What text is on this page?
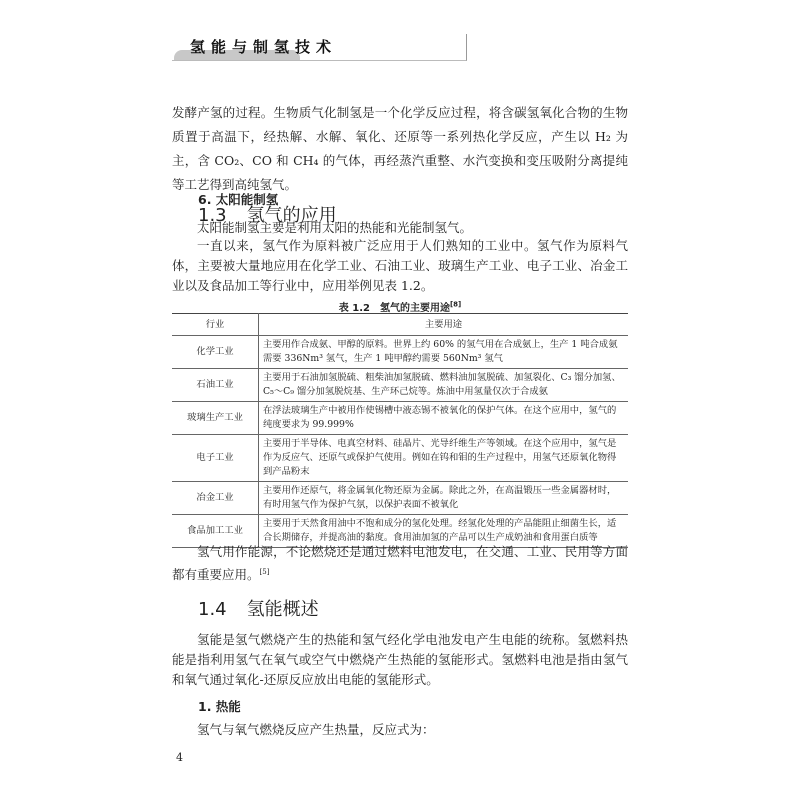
氢能与制氢技术
发酵产氢的过程。生物质气化制氢是一个化学反应过程，将含碳氢氧化合物的生物质置于高温下，经热解、水解、氧化、还原等一系列热化学反应，产生以 H₂ 为主，含 CO₂、CO 和 CH₄ 的气体，再经蒸汽重整、水汽变换和变压吸附分离提纯等工艺得到高纯氢气。
6. 太阳能制氢
太阳能制氢主要是利用太阳的热能和光能制氢气。
1.3 氢气的应用
一直以来，氢气作为原料被广泛应用于人们熟知的工业中。氢气作为原料气体，主要被大量地应用在化学工业、石油工业、玻璃生产工业、电子工业、冶金工业以及食品加工等行业中，应用举例见表 1.2。
表 1.2　氢气的主要用途[8]
行业	主要用途
化学工业	主要用作合成氨、甲醇的原料。世界上约 60% 的氢气用在合成氨上，生产 1 吨合成氨需要 336Nm³ 氢气，生产 1 吨甲醇约需要 560Nm³ 氢气
石油工业	主要用于石油加氢脱硫、粗柴油加氢脱硫、燃料油加氢脱硫、加氢裂化、C₃ 馏分加氢、C₅～C₉ 馏分加氢脱烷基、生产环己烷等。炼油中用氢量仅次于合成氨
玻璃生产工业	在浮法玻璃生产中被用作使锡槽中液态锡不被氧化的保护气体。在这个应用中，氢气的纯度要求为 99.999%
电子工业	主要用于半导体、电真空材料、硅晶片、光导纤维生产等领域。在这个应用中，氢气是作为反应气、还原气或保护气使用。例如在钨和钼的生产过程中，用氢气还原氧化物得到产品粉末
冶金工业	主要用作还原气，将金属氧化物还原为金属。除此之外，在高温锻压一些金属器材时，有时用氢气作为保护气氛，以保护表面不被氧化
食品加工工业	主要用于天然食用油中不饱和成分的氢化处理。经氢化处理的产品能阻止细菌生长，适合长期储存，并提高油的黏度。食用油加氢的产品可以生产成奶油和食用蛋白质等
氢气用作能源，不论燃烧还是通过燃料电池发电，在交通、工业、民用等方面都有重要应用。[5]
1.4 氢能概述
氢能是氢气燃烧产生的热能和氢气经化学电池发电产生电能的统称。氢燃料热能是指利用氢气在氧气或空气中燃烧产生热能的氢能形式。氢燃料电池是指由氢气和氧气通过氧化-还原反应放出电能的氢能形式。
1. 热能
氢气与氧气燃烧反应产生热量，反应式为：
4
